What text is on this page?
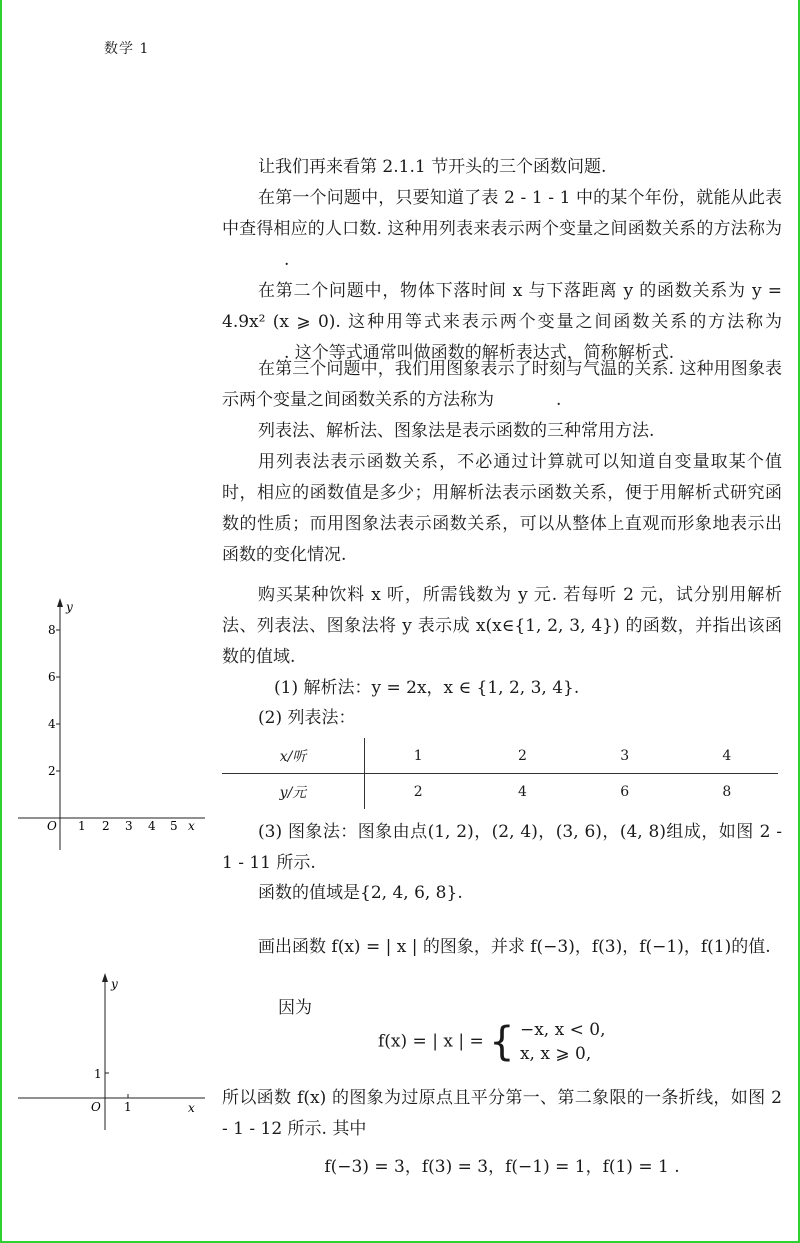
数学 1

让我们再来看第 2.1.1 节开头的三个函数问题.

在第一个问题中，只要知道了表 2 - 1 - 1 中的某个年份，就能从此表中查得相应的人口数. 这种用列表来表示两个变量之间函数关系的方法称为.

在第二个问题中，物体下落时间 x 与下落距离 y 的函数关系为 y = 4.9x² (x ⩾ 0). 这种用等式来表示两个变量之间函数关系的方法称为. 这个等式通常叫做函数的解析表达式，简称解析式.

在第三个问题中，我们用图象表示了时刻与气温的关系. 这种用图象表示两个变量之间函数关系的方法称为	.

列表法、解析法、图象法是表示函数的三种常用方法.

用列表法表示函数关系，不必通过计算就可以知道自变量取某个值时，相应的函数值是多少；用解析法表示函数关系，便于用解析式研究函数的性质；而用图象法表示函数关系，可以从整体上直观而形象地表示出函数的变化情况.

购买某种饮料 x 听，所需钱数为 y 元. 若每听 2 元，试分别用解析法、列表法、图象法将 y 表示成 x(x∈{1, 2, 3, 4}) 的函数，并指出该函数的值域.

(1) 解析法：y = 2x，x ∈ {1, 2, 3, 4}.

(2) 列表法：

x/听	1	2	3	4
y/元	2	4	6	8

(3) 图象法：图象由点(1, 2)，(2, 4)，(3, 6)，(4, 8)组成，如图 2 - 1 - 11 所示.

函数的值域是{2, 4, 6, 8}.

画出函数 f(x) = | x | 的图象，并求 f(−3)，f(3)，f(−1)，f(1)的值.

因为

f(x) = | x | = { −x, x < 0,
x, x ⩾ 0,

所以函数 f(x) 的图象为过原点且平分第一、第二象限的一条折线，如图 2 - 1 - 12 所示. 其中

f(−3) = 3，f(3) = 3，f(−1) = 1，f(1) = 1 .
y
x
O
2
4
6
8
1 2 3 4 5
y
x
O
1
1
